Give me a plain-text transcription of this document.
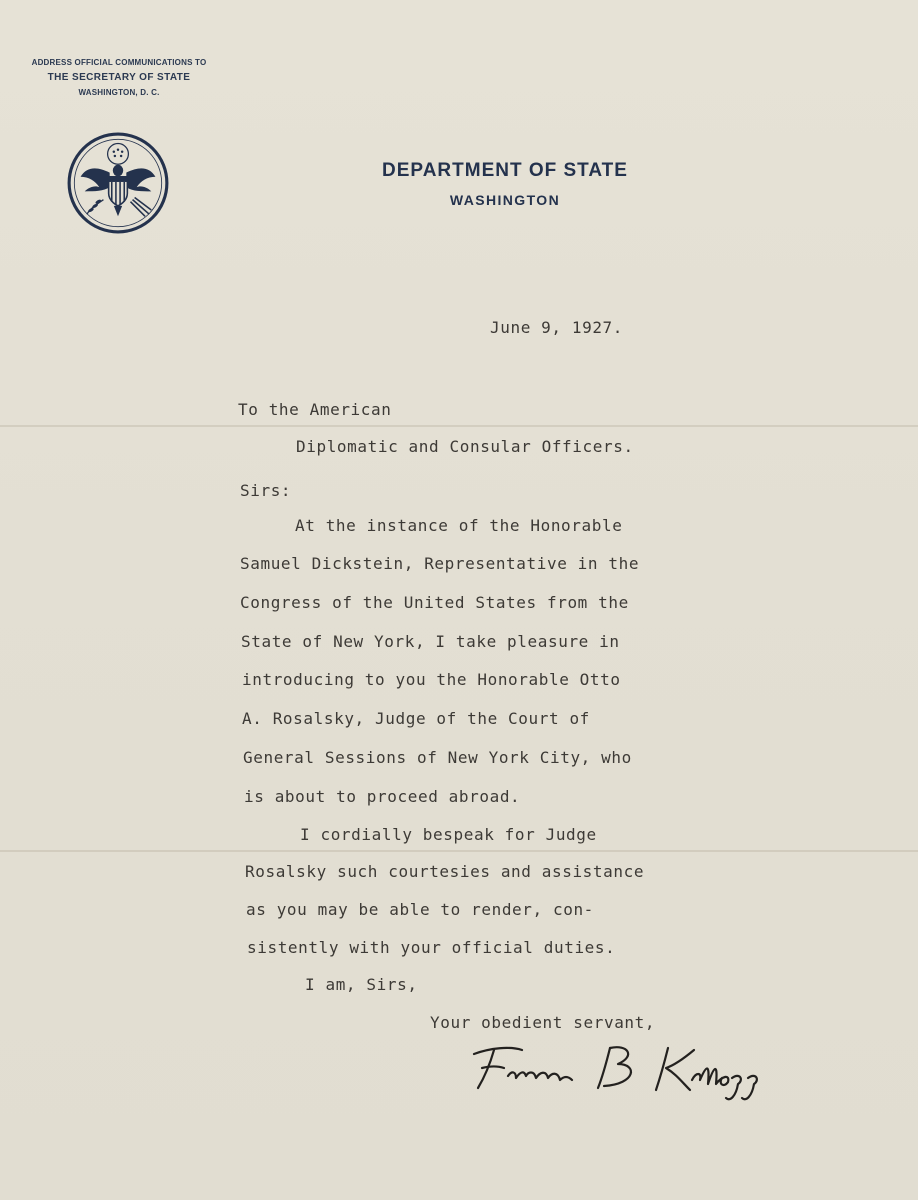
ADDRESS OFFICIAL COMMUNICATIONS TO
THE SECRETARY OF STATE
WASHINGTON, D. C.
DEPARTMENT OF STATE
WASHINGTON
June 9, 1927.
To the American
Diplomatic and Consular Officers.
Sirs:
At the instance of the Honorable
Samuel Dickstein, Representative in the
Congress of the United States from the
State of New York, I take pleasure in
introducing to you the Honorable Otto
A. Rosalsky, Judge of the Court of
General Sessions of New York City, who
is about to proceed abroad.
I cordially bespeak for Judge
Rosalsky such courtesies and assistance
as you may be able to render, con-
sistently with your official duties.
I am, Sirs,
Your obedient servant,
